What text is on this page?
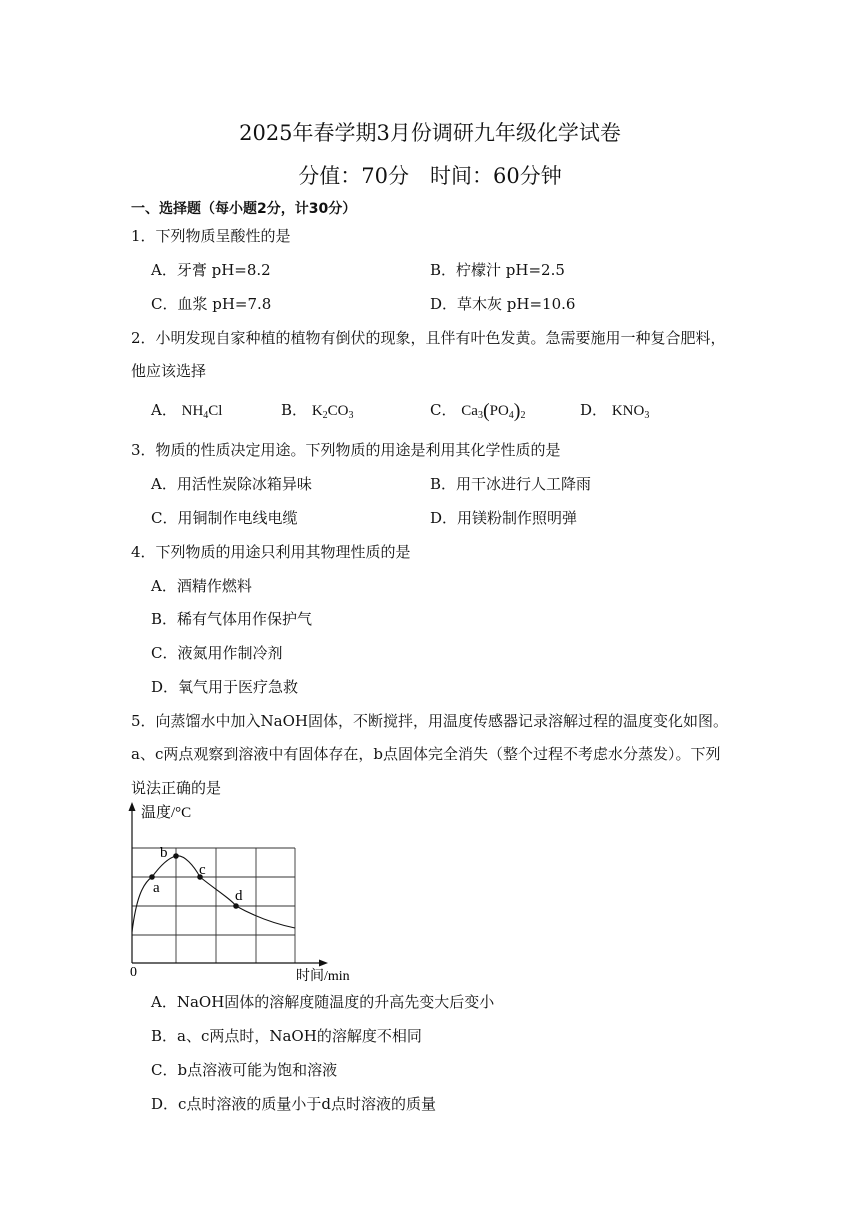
2025年春学期3月份调研九年级化学试卷
分值：70分　时间：60分钟
一、选择题（每小题2分，计30分）
1．下列物质呈酸性的是
A．牙膏 pH=8.2	B．柠檬汁 pH=2.5
C．血浆 pH=7.8	D．草木灰 pH=10.6
2．小明发现自家种植的植物有倒伏的现象，且伴有叶色发黄。急需要施用一种复合肥料，
他应该选择
A． $NH_4Cl$	B． $K_2CO_3$	C． $Ca_3(PO_4)_2$	D． $KNO_3$
3．物质的性质决定用途。下列物质的用途是利用其化学性质的是
A．用活性炭除冰箱异味	B．用干冰进行人工降雨
C．用铜制作电线电缆	D．用镁粉制作照明弹
4．下列物质的用途只利用其物理性质的是
A．酒精作燃料
B．稀有气体用作保护气
C．液氮用作制冷剂
D．氧气用于医疗急救
5．向蒸馏水中加入NaOH固体，不断搅拌，用温度传感器记录溶解过程的温度变化如图。
a、c两点观察到溶液中有固体存在，b点固体完全消失（整个过程不考虑水分蒸发）。下列
说法正确的是
a
b
c
d
温度/°C
时间/min
0
A．NaOH固体的溶解度随温度的升高先变大后变小
B．a、c两点时，NaOH的溶解度不相同
C．b点溶液可能为饱和溶液
D．c点时溶液的质量小于d点时溶液的质量
